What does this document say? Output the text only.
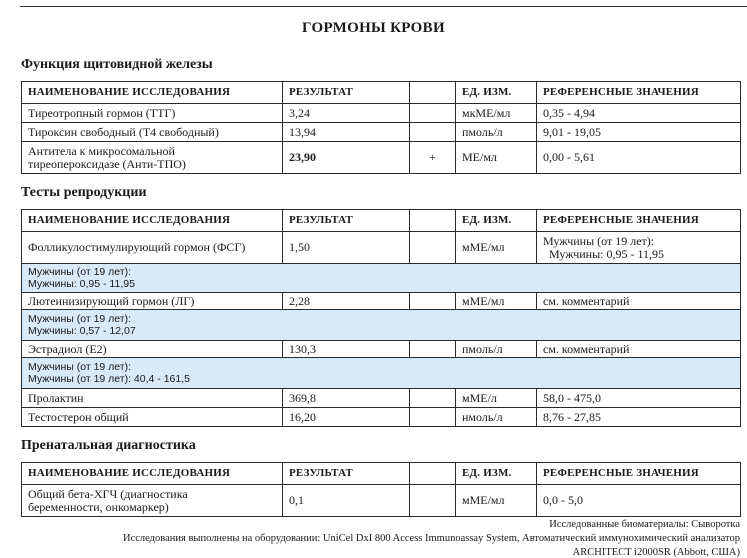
ГОРМОНЫ КРОВИ
Функция щитовидной железы
НАИМЕНОВАНИЕ ИССЛЕДОВАНИЯ	РЕЗУЛЬТАТ		ЕД. ИЗМ.	РЕФЕРЕНСНЫЕ ЗНАЧЕНИЯ
Тиреотропный гормон (ТТГ)	3,24		мкМЕ/мл	0,35 - 4,94
Тироксин свободный (Т4 свободный)	13,94		пмоль/л	9,01 - 19,05

Антитела к микросомальной
тиреопероксидазе (Анти-ТПО)	23,90	+	МЕ/мл	0,00 - 5,61
Тесты репродукции
НАИМЕНОВАНИЕ ИССЛЕДОВАНИЯ	РЕЗУЛЬТАТ		ЕД. ИЗМ.	РЕФЕРЕНСНЫЕ ЗНАЧЕНИЯ
Фолликулостимулирующий гормон (ФСГ)	1,50		мМЕ/мл	Мужчины (от 19 лет):
Мужчины: 0,95 - 11,95

Мужчины (от 19 лет):
Мужчины: 0,95 - 11,95				

Лютеинизирующий гормон (ЛГ)	2,28		мМЕ/мл	см. комментарий

Мужчины (от 19 лет):
Мужчины: 0,57 - 12,07				

Эстрадиол (Е2)	130,3		пмоль/л	см. комментарий

Мужчины (от 19 лет):
Мужчины (от 19 лет): 40,4 - 161,5				

Пролактин	369,8		мМЕ/л	58,0 - 475,0
Тестостерон общий	16,20		нмоль/л	8,76 - 27,85
Пренатальная диагностика
НАИМЕНОВАНИЕ ИССЛЕДОВАНИЯ	РЕЗУЛЬТАТ		ЕД. ИЗМ.	РЕФЕРЕНСНЫЕ ЗНАЧЕНИЯ

Общий бета-ХГЧ (диагностика
беременности, онкомаркер)	0,1		мМЕ/мл	0,0 - 5,0
Исследованные биоматериалы: Сыворотка
Исследования выполнены на оборудовании: UniCel DxI 800 Access Immunoassay System, Автоматический иммунохимический анализатор
ARCHITECT i2000SR (Abbott, США)
